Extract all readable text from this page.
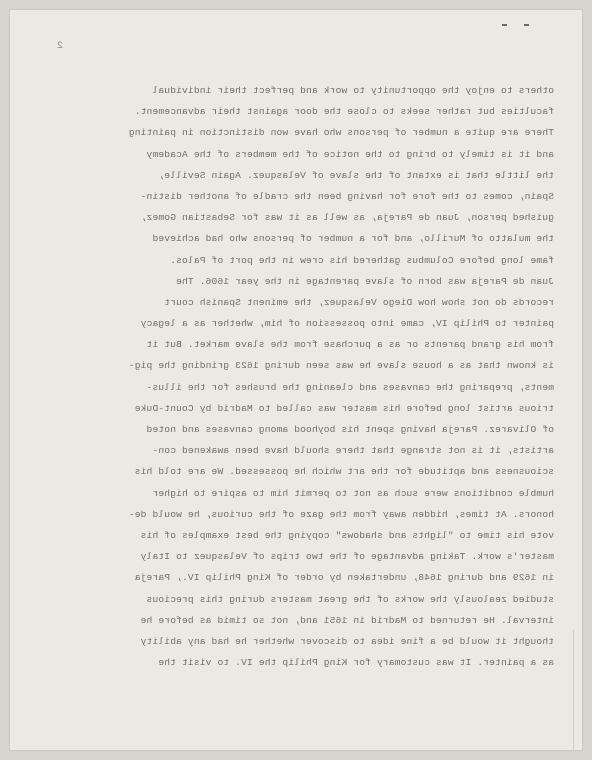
2
others to enjoy the opportunity to work and perfect their individual
faculties but rather seeks to close the door against their advancement.
There are quite a number of persons who have won distinction in painting
and it is timely to bring to the notice of the members of the Academy
the little that is extant of the slave of Velasquez. Again Seville,
Spain, comes to the fore for having been the cradle of another distin-
guished person, Juan de Pareja, as well as it was for Sebastian Gomez,
the mulatto of Murillo, and for a number of persons who had achieved
fame long before Columbus gathered his crew in the port of Palos.
Juan de Pareja was born of slave parentage in the year 1606. The
records do not show how Diego Velasquez, the eminent Spanish court
painter to Philip IV, came into possession of him, whether as a legacy
from his grand parents or as a purchase from the slave market. But it
is known that as a house slave he was seen during 1623 grinding the pig-
ments, preparing the canvases and cleaning the brushes for the illus-
trious artist long before his master was called to Madrid by Count-Duke
of Olivarez. Pareja having spent his boyhood among canvases and noted
artists, it is not strange that there should have been awakened con-
sciousness and aptitude for the art which he possessed. We are told his
humble conditions were such as not to permit him to aspire to higher
honors. At times, hidden away from the gaze of the curious, he would de-
vote his time to "lights and shadows" copying the best examples of his
master's work. Taking advantage of the two trips of Velasquez to Italy
in 1629 and during 1648, undertaken by order of King Philip IV., Pareja
studied zealously the works of the great masters during this precious
interval. He returned to Madrid in 1651 and, not so timid as before he
thought it would be a fine idea to discover whether he had any ability
as a painter. It was customary for King Philip the IV. to visit the
